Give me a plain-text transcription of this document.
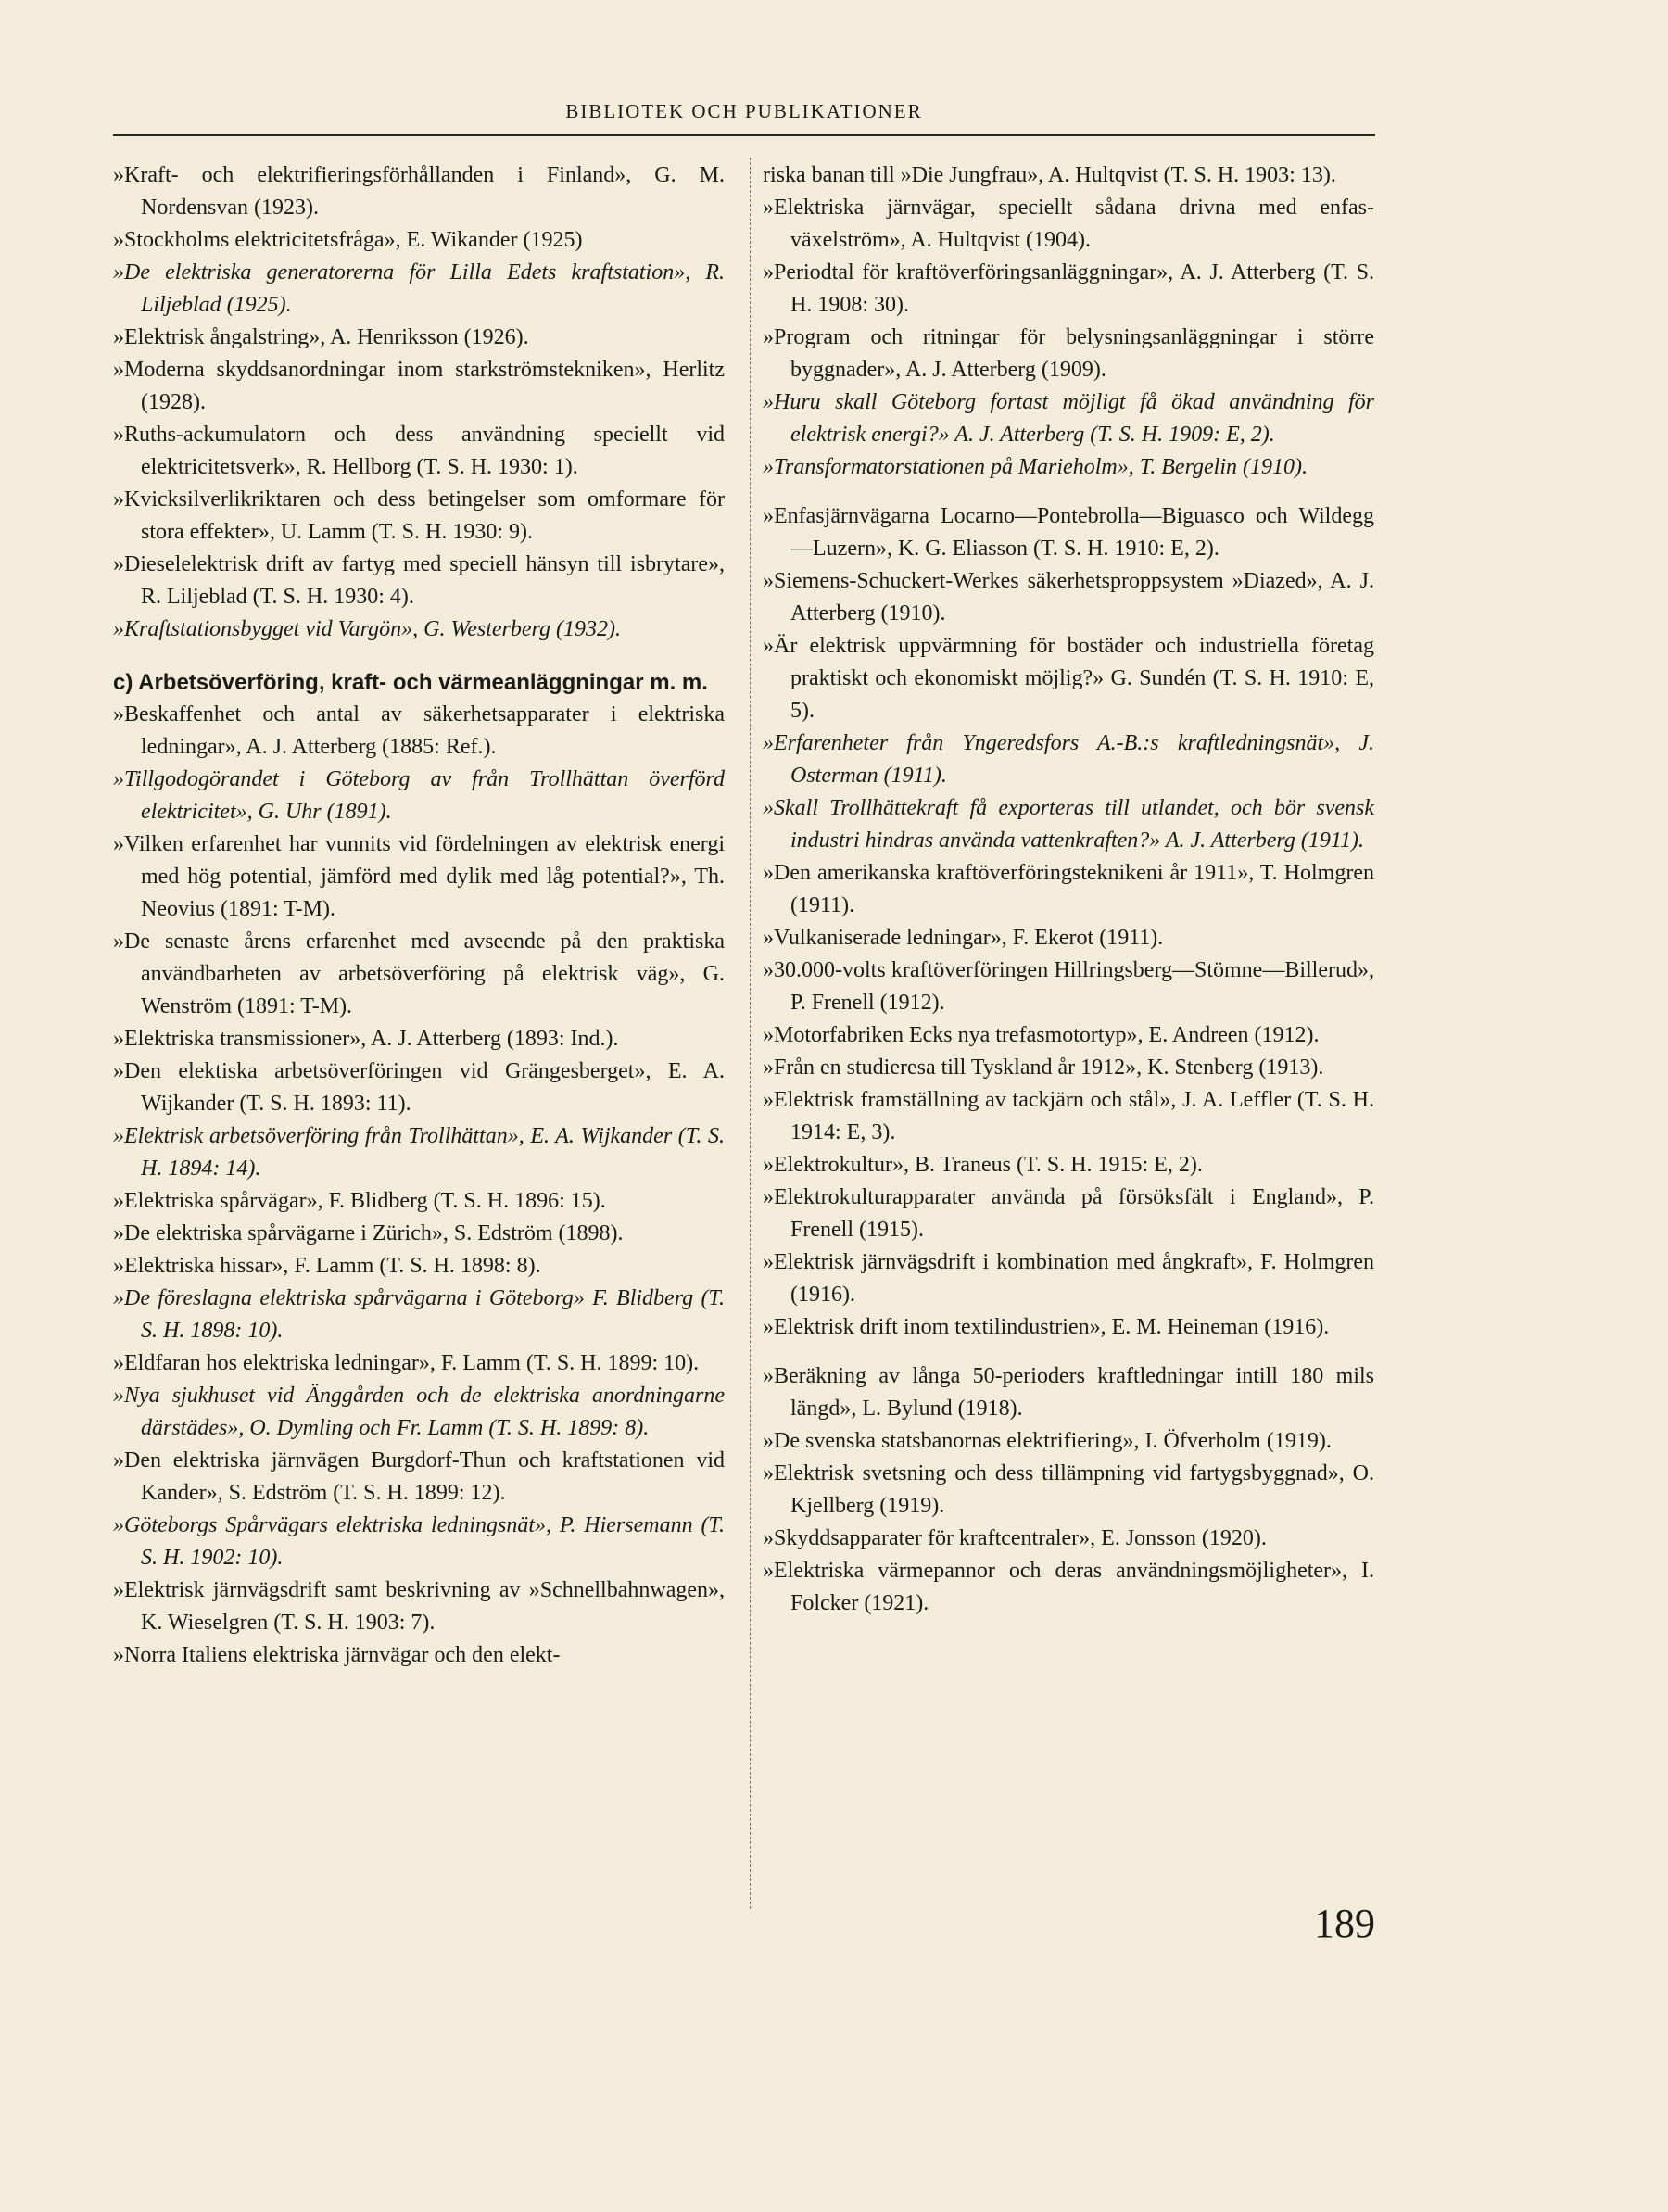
BIBLIOTEK OCH PUBLIKATIONER

»Kraft- och elektrifieringsförhållanden i Finland», G. M. Nordensvan (1923).

»Stockholms elektricitetsfråga», E. Wikander (1925)

»De elektriska generatorerna för Lilla Edets kraftstation», R. Liljeblad (1925).

»Elektrisk ångalstring», A. Henriksson (1926).

»Moderna skyddsanordningar inom starkströmstekniken», Herlitz (1928).

»Ruths-ackumulatorn och dess användning speciellt vid elektricitetsverk», R. Hellborg (T. S. H. 1930: 1).

»Kvicksilverlikriktaren och dess betingelser som omformare för stora effekter», U. Lamm (T. S. H. 1930: 9).

»Dieselelektrisk drift av fartyg med speciell hänsyn till isbrytare», R. Liljeblad (T. S. H. 1930: 4).

»Kraftstationsbygget vid Vargön», G. Westerberg (1932).

c) Arbetsöverföring, kraft- och värmeanläggningar m. m.

»Beskaffenhet och antal av säkerhetsapparater i elektriska ledningar», A. J. Atterberg (1885: Ref.).

»Tillgodogörandet i Göteborg av från Trollhättan överförd elektricitet», G. Uhr (1891).

»Vilken erfarenhet har vunnits vid fördelningen av elektrisk energi med hög potential, jämförd med dylik med låg potential?», Th. Neovius (1891: T-M).

»De senaste årens erfarenhet med avseende på den praktiska användbarheten av arbetsöverföring på elektrisk väg», G. Wenström (1891: T-M).

»Elektriska transmissioner», A. J. Atterberg (1893: Ind.).

»Den elektiska arbetsöverföringen vid Grängesberget», E. A. Wijkander (T. S. H. 1893: 11).

»Elektrisk arbetsöverföring från Trollhättan», E. A. Wijkander (T. S. H. 1894: 14).

»Elektriska spårvägar», F. Blidberg (T. S. H. 1896: 15).

»De elektriska spårvägarne i Zürich», S. Edström (1898).

»Elektriska hissar», F. Lamm (T. S. H. 1898: 8).

»De föreslagna elektriska spårvägarna i Göteborg» F. Blidberg (T. S. H. 1898: 10).

»Eldfaran hos elektriska ledningar», F. Lamm (T. S. H. 1899: 10).

»Nya sjukhuset vid Änggården och de elektriska anordningarne därstädes», O. Dymling och Fr. Lamm (T. S. H. 1899: 8).

»Den elektriska järnvägen Burgdorf-Thun och kraftstationen vid Kander», S. Edström (T. S. H. 1899: 12).

»Göteborgs Spårvägars elektriska ledningsnät», P. Hiersemann (T. S. H. 1902: 10).

»Elektrisk järnvägsdrift samt beskrivning av »Schnellbahnwagen», K. Wieselgren (T. S. H. 1903: 7).

»Norra Italiens elektriska järnvägar och den elekt-

riska banan till »Die Jungfrau», A. Hultqvist (T. S. H. 1903: 13).

»Elektriska järnvägar, speciellt sådana drivna med enfas-växelström», A. Hultqvist (1904).

»Periodtal för kraftöverföringsanläggningar», A. J. Atterberg (T. S. H. 1908: 30).

»Program och ritningar för belysningsanläggningar i större byggnader», A. J. Atterberg (1909).

»Huru skall Göteborg fortast möjligt få ökad användning för elektrisk energi?» A. J. Atterberg (T. S. H. 1909: E, 2).

»Transformatorstationen på Marieholm», T. Bergelin (1910).

»Enfasjärnvägarna Locarno—Pontebrolla—Biguasco och Wildegg—Luzern», K. G. Eliasson (T. S. H. 1910: E, 2).

»Siemens-Schuckert-Werkes säkerhetsproppsystem »Diazed», A. J. Atterberg (1910).

»Är elektrisk uppvärmning för bostäder och industriella företag praktiskt och ekonomiskt möjlig?» G. Sundén (T. S. H. 1910: E, 5).

»Erfarenheter från Yngeredsfors A.-B.:s kraftledningsnät», J. Osterman (1911).

»Skall Trollhättekraft få exporteras till utlandet, och bör svensk industri hindras använda vattenkraften?» A. J. Atterberg (1911).

»Den amerikanska kraftöverföringsteknikeni år 1911», T. Holmgren (1911).

»Vulkaniserade ledningar», F. Ekerot (1911).

»30.000-volts kraftöverföringen Hillringsberg—Stömne—Billerud», P. Frenell (1912).

»Motorfabriken Ecks nya trefasmotortyp», E. Andreen (1912).

»Från en studieresa till Tyskland år 1912», K. Stenberg (1913).

»Elektrisk framställning av tackjärn och stål», J. A. Leffler (T. S. H. 1914: E, 3).

»Elektrokultur», B. Traneus (T. S. H. 1915: E, 2).

»Elektrokulturapparater använda på försöksfält i England», P. Frenell (1915).

»Elektrisk järnvägsdrift i kombination med ångkraft», F. Holmgren (1916).

»Elektrisk drift inom textilindustrien», E. M. Heineman (1916).

»Beräkning av långa 50-perioders kraftledningar intill 180 mils längd», L. Bylund (1918).

»De svenska statsbanornas elektrifiering», I. Öfverholm (1919).

»Elektrisk svetsning och dess tillämpning vid fartygsbyggnad», O. Kjellberg (1919).

»Skyddsapparater för kraftcentraler», E. Jonsson (1920).

»Elektriska värmepannor och deras användningsmöjligheter», I. Folcker (1921).

189
